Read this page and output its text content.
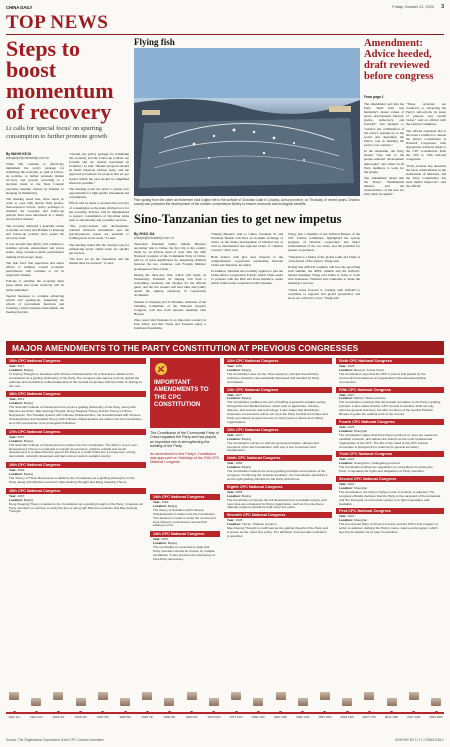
CHINA DAILY	Friday, October 21, 2022 3
TOP NEWS
Steps to boost momentum of recovery
Li calls for 'special focus' on spurring consumption to further promote growth
By WANG KEJU
wangkeju@chinadaily.com.cn

China will continue to effectively implement the policy package for stabilizing the economy, as well as follow-up policies, to further persuade market recovery and growth, according to a decision made at the State Council executive meeting chaired by Premier Li Keqiang on Wednesday.

The meeting noted that, since April, in order to cope with shocks from greater-than-expected factors, policy packages to stabilize the economy and follow-up policies have been introduced in a timely and decisive manner.

The economy delivered a generally stable economic recovery and Premier Li Keqiang and follow-up policies have ended the recovery trend.

It was decided that efforts will continue to stabilize growth, employment and prices stable, keep bottom-to-main performance running in the proper range.

The task force that supervises and steers efforts to stabilize overall economic performance will continue to act in supportive manner.

Policies to stabilize the economy must press ahead and social creativity will be better unleashed.

Special measures to continue advancing reform and opening-up, deepening the reform of government functions and fostering a better business environment, the meeting decided.

"Overall, the policy package for stabilizing the economy and the follow-up policies are forceful and are outside welcomed by localities," Li said. "Market prospects should be better balanced without delay, and the approved procedures for projects that are got started within the year should be simplified wherever possible."

The meeting noted the need to pursue new opportunities for high-quality investment and consumption.

Efforts will be made to promote the recovery of consumption as the main driving force for the economy. Policies will be implemented to support consumption of big-ticket items such as automobiles and consumer services.

"The policy-backed and development-oriented financial instruments and the special-purpose bonds are essential to forming more work-loads," Li said.

The meeting stated that the average loan for refinancing newly added loans are quickly put in place.

"We have set up the foundation and the market must be restored," Li said.

Flying fish
Fish sprang from the water as fishermen haul a giant net to the surface of Chaohan Lake in Chaohu, Anhui province, on Thursday. In recent years, Chaohu county has promoted the development of the modern convenience fishery to ensure economic and ecological benefits.
Amendment: Advice heeded, draft reviewed before congress
From page 1

The amendment said that the Party "shall hold true humanity's shared values of peace, development, fairness, justice, democracy, and freedom" and pledged to "achieve the combination of the party's opening up to the world and deepening the Party's role in building the party's own capacity."

In the meantime, the Party should "stay true to the people-centered development philosophy" and called on all Party members to work for the people.

The amendment added that the Party's "fundamental mission and the characteristics of the new era Party must be upheld."

"These revisions are conducive to advancing the Party's self-reform, its sense of purpose and overall vision," said an official with the Central Committee.

The official explained that it has been a tradition to amend the Party's Constitution at National Congresses, with appropriate revisions made to the CPC Constitution from the 13th to 19th national congresses.

"Each revision has absorbed the latest achievements in the sinicization of Marxism, and the Party Constitution has been further improved," said the official.

Sino-Tanzanian ties to get new impetus
By ZHAO JIA
zhaojia@chinadaily.com.cn

Tanzanian President Samia Suluhu Hassan's upcoming visit to China, the first trip to the country made by an African head of state after the 20th National Congress of the Communist Party of China, will be of great significance for deepening relations between the two countries, said Foreign Minister spokesperson Zhao Lijian.

During the three-day visit, which will begin on Wednesday, President Xi Jinping will hold a welcoming ceremony and banquet for the African guest, and the two leaders will hold talks and jointly attend the signing ceremony of cooperation documents.

Premier Li Keqiang and Li Zhanshu, chairman of the Standing Committee of the National People's Congress, will also hold separate meetings with Hassan.

Zhao noted that Tanzania is an important country in East Africa and that China and Tanzania enjoy a traditional friendship.

"During Hassan's visit to China, President Xi and President Hassan will have an in-depth exchange of views on the future development of bilateral ties as well as international and regional issues of common concern," Zhao said.

Both leaders will give new impetus to the comprehensive cooperative partnership between China and Tanzania, he added.

In addition, Tanzania also formally applied to join the China-Africa Cooperation Forum, which China seeks to promote with the Belt and Road Initiative, under which China backs cooperation with Tanzania.

Wang, also a member of the Political Bureau of the CPC Central Committee, highlighted the speedy progress of bilateral cooperation and major achievements of the two sides, and the potential for greater cooperation.

"Tanzania is a friend of the global south and China is a true friend of the region," Wang said.

Noting that ASEAN countries will host the upcoming G20 summit, the APEC summit and the ASEAN-related meetings, Wang said China is ready to work with Indonesia, Thailand and Cambodia to make the meetings a success.

"China looks forward to working with ASEAN to contribute to regional and global governance and show our collective voice," Wang said.

MAJOR AMENDMENTS TO THE PARTY CONSTITUTION AT PREVIOUS CONGRESSES
19th CPC National Congress
Year: 2017
Location: Beijing
Xi Jinping Thought on Socialism with Chinese Characteristics for a New Era is added to the Constitution as a guiding philosophy of the Party. The congress also agrees to firmly uphold the authority and centralized, unified leadership of the Central Committee with Comrade Xi Jinping at the core.
18th CPC National Congress
Year: 2012
Location: Beijing
The Scientific Outlook on Development is set as a guiding philosophy of the Party, along with Marxism-Leninism, Mao Zedong Thought, Deng Xiaoping Theory and the Theory of Three Represents. The Socialist System with Chinese Characteristics, the Socialist Road with Chinese Characteristics and Socialist Theory with Chinese Characteristics are written into the Constitution, as is the construction of an ecological civilization.
17th CPC National Congress
Year: 2007
Location: Beijing
The Scientific Outlook on Development is written into the Constitution. The Party's 'one in one' Development Theory is expanded to include its economic, political, cultural and social development. It is stated that the goal of the Party is to build China into a prosperous, strong, democratic, culturally developed and harmonious modern socialist country.
16th CPC National Congress
Year: 2002
Location: Beijing
The Theory of Three Represents is added to the Constitution as a guiding philosophy for the Party, along with Marxism-Leninism, Mao Zedong Thought and Deng Xiaoping Theory.
15th CPC National Congress
Year: 1997
Location: Beijing
Deng Xiaoping Theory is added to the Constitution as a guiding thought of the Party. It requires all Party members to continue to study the theory along with Marxism-Leninism and Mao Zedong Thought.
IMPORTANT AMENDMENTS TO THE CPC CONSTITUTION
The Constitution of the Communist Party of China regulates the Party and has played an important role in strengthening the building of the Party.
An amendment to the Party's Constitution was approved on Saturday at the 20th CPC National Congress.
14th CPC National Congress
Year: 1992
Location: Beijing
The theory of Socialism with Chinese Characteristics is written into the Constitution. The decision is made to scrap the central and local advisory commissions and all their advisory terms.
13th CPC National Congress
Year: 1987
Location: Beijing
The Constitution is amended to state that Party members should be chosen by multiple candidates. It also stresses the importance of intra-Party democracy.
12th CPC National Congress
Year: 1982
Location: Beijing
The Constitution sets out the 'three stand-by' principle that all Party problems should be democratically discussed and decided by Party committees.
11th CPC National Congress
Year: 1977
Location: Beijing
The Constitution reaffirms the aim of building a powerful socialist society through the four Modernizations, which refer to agriculture, industry, defense, and science and technology. It also states that disciplinary inspection commissions will be set up at the Party Central Committee and Party committees at governments of county level or above and military organizations.
10th CPC National Congress
Year: 1973
Location: Beijing
The Constitution carries on with the general principles, clauses and intentions of the last Constitution, with only a few corrections and supplements.
Ninth CPC National Congress
Year: 1969
Location: Beijing
The Constitution reflects the wrong guiding principles and policies of the congress. Confirming the 'cultural revolution', the Constitution describes it as the right guiding principle for the Party at that time.
Eighth CPC National Congress
Year: 1956
Location: Beijing
The Constitution proposes the full development of a socialist society, and new rules are introduced for Party organization, such as the rule that a national congress should be held every five years.
Seventh CPC National Congress
Year: 1945
Location: Yan'an, Shaanxi province
Mao Zedong Thought is confirmed as the guiding thought of the Party and is known as the 'mass line' policy. The definition of democratic centralism is specified.
Sixth CPC National Congress
Year: 1928
Location: Moscow, Soviet Union
The Constitution says that the CPC is part of and guided by the Communist International, an organization that advocated global communism.
Fifth CPC National Congress
Year: 1927
Location: Wuhan, Hubei province
The Constitution confirms that democratic centralism is the Party's guiding principle. It also states that the CPC Central Committee shall not only elect the general secretary, but also members of the Central Political Bureau to guide the political work of the country.
Fourth CPC National Congress
Year: 1925
Location: Shanghai
The Constitution states that three Party members or more are needed to establish a branch, and defines the branch as the most fundamental organization of the CPC. The title of the head of the CPC Central Committee is changed from chairman to general secretary.
Third CPC National Congress
Year: 1923
Location: Guangzhou, Guangdong province
The Constitution refines the regulations on procedures for joining the Party. It stipulates the rights and obligations of Party members.
Second CPC National Congress
Year: 1922
Location: Shanghai
The Constitution, the Party's highest code of conduct, is adopted. The congress officially declares that the Party is the vanguard of the proletariat and 'the final goal of communist society' is to fight imperialism and feudalism.
First CPC National Congress
Year: 1921
Location: Shanghai
The Communist Party of China is formed, and the CPC's first program of action is adopted, defining the Party's name, nature and program, which lays the foundation for its later Constitution.
1921 1st	1922 2nd	1923 3rd	1925 4th	1927 5th	1928 6th	1945 7th	1956 8th	1969 9th	1973 10th	1977 11th	1982 12th	1987 13th	1992 14th	1997 15th	2002 16th	2007 17th	2012 18th	2017 19th	2022 20th
Source: The Organization Department of the CPC Central Committee	GRAPHIC BY LI YI / CHINA DAILY
